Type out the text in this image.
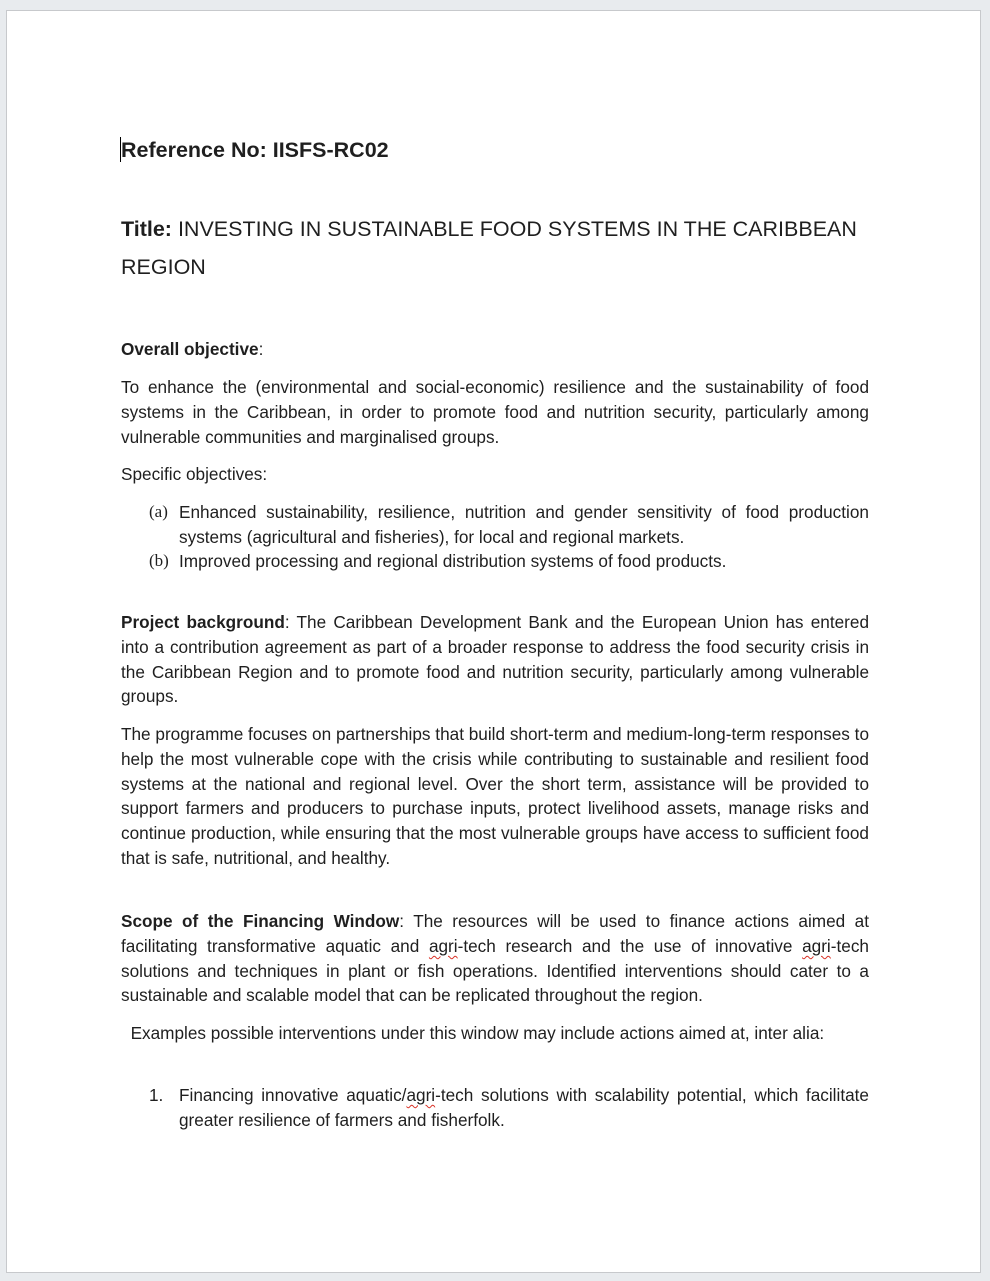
Reference No: IISFS-RC02
Title: INVESTING IN SUSTAINABLE FOOD SYSTEMS IN THE CARIBBEAN REGION
Overall objective:
To enhance the (environmental and social-economic) resilience and the sustainability of food systems in the Caribbean, in order to promote food and nutrition security, particularly among vulnerable communities and marginalised groups.
Specific objectives:
(a) Enhanced sustainability, resilience, nutrition and gender sensitivity of food production systems (agricultural and fisheries), for local and regional markets.
(b) Improved processing and regional distribution systems of food products.
Project background: The Caribbean Development Bank and the European Union has entered into a contribution agreement as part of a broader response to address the food security crisis in the Caribbean Region and to promote food and nutrition security, particularly among vulnerable groups.
The programme focuses on partnerships that build short-term and medium-long-term responses to help the most vulnerable cope with the crisis while contributing to sustainable and resilient food systems at the national and regional level. Over the short term, assistance will be provided to support farmers and producers to purchase inputs, protect livelihood assets, manage risks and continue production, while ensuring that the most vulnerable groups have access to sufficient food that is safe, nutritional, and healthy.
Scope of the Financing Window: The resources will be used to finance actions aimed at facilitating transformative aquatic and agri-tech research and the use of innovative agri-tech solutions and techniques in plant or fish operations. Identified interventions should cater to a sustainable and scalable model that can be replicated throughout the region.
Examples possible interventions under this window may include actions aimed at, inter alia:
1. Financing innovative aquatic/agri-tech solutions with scalability potential, which facilitate greater resilience of farmers and fisherfolk.
